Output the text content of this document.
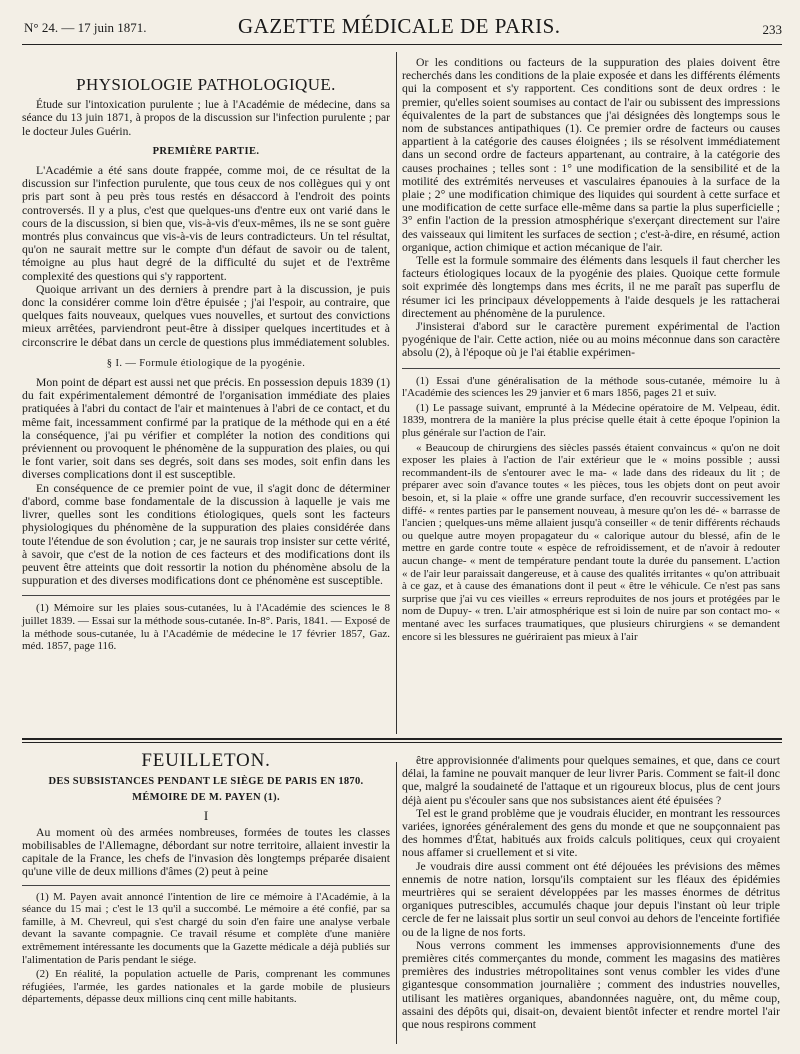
N° 24. — 17 juin 1871.	GAZETTE MÉDICALE DE PARIS.	233
PHYSIOLOGIE PATHOLOGIQUE.

Étude sur l'intoxication purulente ; lue à l'Académie de médecine, dans sa séance du 13 juin 1871, à propos de la discussion sur l'infection purulente ; par le docteur Jules Guérin.

PREMIÈRE PARTIE.

L'Académie a été sans doute frappée, comme moi, de ce résultat de la discussion sur l'infection purulente, que tous ceux de nos collègues qui y ont pris part sont à peu près tous restés en désaccord à l'endroit des points controversés. Il y a plus, c'est que quelques-uns d'entre eux ont varié dans le cours de la discussion, si bien que, vis-à-vis d'eux-mêmes, ils ne se sont guère montrés plus convaincus que vis-à-vis de leurs contradicteurs. Un tel résultat, qu'on ne saurait mettre sur le compte d'un défaut de savoir ou de talent, témoigne au plus haut degré de la difficulté du sujet et de l'extrême complexité des questions qui s'y rapportent.

Quoique arrivant un des derniers à prendre part à la discussion, je puis donc la considérer comme loin d'être épuisée ; j'ai l'espoir, au contraire, que quelques faits nouveaux, quelques vues nouvelles, et surtout des convictions mieux arrêtées, parviendront peut-être à dissiper quelques incertitudes et à circonscrire le débat dans un cercle de questions plus immédiatement solubles.

§ I. — Formule étiologique de la pyogénie.

Mon point de départ est aussi net que précis. En possession depuis 1839 (1) du fait expérimentalement démontré de l'organisation immédiate des plaies pratiquées à l'abri du contact de l'air et maintenues à l'abri de ce contact, et du même fait, incessamment confirmé par la pratique de la méthode qui en a été la conséquence, j'ai pu vérifier et compléter la notion des conditions qui préviennent ou provoquent le phénomène de la suppuration des plaies, ou qui le font varier, soit dans ses degrés, soit dans ses modes, soit enfin dans les diverses complications dont il est susceptible.

En conséquence de ce premier point de vue, il s'agit donc de déterminer d'abord, comme base fondamentale de la discussion à laquelle je vais me livrer, quelles sont les conditions étiologiques, quels sont les facteurs physiologiques du phénomène de la suppuration des plaies considérée dans toute l'étendue de son évolution ; car, je ne saurais trop insister sur cette vérité, à savoir, que c'est de la notion de ces facteurs et des modifications dont ils peuvent être atteints que doit ressortir la notion du phénomène absolu de la suppuration et des diverses modifications dont ce phénomène est susceptible.

(1) Mémoire sur les plaies sous-cutanées, lu à l'Académie des sciences le 8 juillet 1839. — Essai sur la méthode sous-cutanée. In-8°. Paris, 1841. — Exposé de la méthode sous-cutanée, lu à l'Académie de médecine le 17 février 1857, Gaz. méd. 1857, page 116.

Or les conditions ou facteurs de la suppuration des plaies doivent être recherchés dans les conditions de la plaie exposée et dans les différents éléments qui la composent et s'y rapportent. Ces conditions sont de deux ordres : le premier, qu'elles soient soumises au contact de l'air ou subissent des impressions équivalentes de la part de substances que j'ai désignées dès longtemps sous le nom de substances antipathiques (1). Ce premier ordre de facteurs ou causes appartient à la catégorie des causes éloignées ; ils se résolvent immédiatement dans un second ordre de facteurs appartenant, au contraire, à la catégorie des causes prochaines ; telles sont : 1° une modification de la sensibilité et de la motilité des extrémités nerveuses et vasculaires épanouies à la surface de la plaie ; 2° une modification chimique des liquides qui sourdent à cette surface et une modification de cette surface elle-même dans sa partie la plus superficielle ; 3° enfin l'action de la pression atmosphérique s'exerçant directement sur l'aire des vaisseaux qui limitent les surfaces de section ; c'est-à-dire, en résumé, action organique, action chimique et action mécanique de l'air.

Telle est la formule sommaire des éléments dans lesquels il faut chercher les facteurs étiologiques locaux de la pyogénie des plaies. Quoique cette formule soit exprimée dès longtemps dans mes écrits, il ne me paraît pas superflu de résumer ici les principaux développements à l'aide desquels je les rattacherai directement au phénomène de la purulence.

J'insisterai d'abord sur le caractère purement expérimental de l'action pyogénique de l'air. Cette action, niée ou au moins méconnue dans son caractère absolu (2), à l'époque où je l'ai établie expérimen-

(1) Essai d'une généralisation de la méthode sous-cutanée, mémoire lu à l'Académie des sciences les 29 janvier et 6 mars 1856, pages 21 et suiv.

(1) Le passage suivant, emprunté à la Médecine opératoire de M. Velpeau, édit. 1839, montrera de la manière la plus précise quelle était à cette époque l'opinion la plus générale sur l'action de l'air.

« Beaucoup de chirurgiens des siècles passés étaient convaincus « qu'on ne doit exposer les plaies à l'action de l'air extérieur que le « moins possible ; aussi recommandent-ils de s'entourer avec le ma- « lade dans des rideaux du lit ; de préparer avec soin d'avance toutes « les pièces, tous les objets dont on peut avoir besoin, et, si la plaie « offre une grande surface, d'en recouvrir successivement les diffé- « rentes parties par le pansement nouveau, à mesure qu'on les dé- « barrasse de l'ancien ; quelques-uns même allaient jusqu'à conseiller « de tenir différents réchauds ou quelque autre moyen propagateur du « calorique autour du blessé, afin de le mettre en garde contre toute « espèce de refroidissement, et de n'avoir à redouter aucun change- « ment de température pendant toute la durée du pansement. L'action « de l'air leur paraissait dangereuse, et à cause des qualités irritantes « qu'on attribuait à ce gaz, et à cause des émanations dont il peut « être le véhicule. Ce n'est pas sans surprise que j'ai vu ces vieilles « erreurs reproduites de nos jours et protégées par le nom de Dupuy- « tren. L'air atmosphérique est si loin de nuire par son contact mo- « mentané avec les surfaces traumatiques, que plusieurs chirurgiens « se demandent encore si les blessures ne guériraient pas mieux à l'air

FEUILLETON.
DES SUBSISTANCES PENDANT LE SIÈGE DE PARIS EN 1870.
MÉMOIRE DE M. PAYEN (1).
I

Au moment où des armées nombreuses, formées de toutes les classes mobilisables de l'Allemagne, débordant sur notre territoire, allaient investir la capitale de la France, les chefs de l'invasion dès longtemps préparée disaient qu'une ville de deux millions d'âmes (2) peut à peine

(1) M. Payen avait annoncé l'intention de lire ce mémoire à l'Académie, à la séance du 15 mai ; c'est le 13 qu'il a succombé. Le mémoire a été confié, par sa famille, à M. Chevreul, qui s'est chargé du soin d'en faire une analyse verbale devant la savante compagnie. Ce travail résume et complète d'une manière extrêmement intéressante les documents que la Gazette médicale a déjà publiés sur l'alimentation de Paris pendant le siége.

(2) En réalité, la population actuelle de Paris, comprenant les communes réfugiées, l'armée, les gardes nationales et la garde mobile de plusieurs départements, dépasse deux millions cinq cent mille habitants.

être approvisionnée d'aliments pour quelques semaines, et que, dans ce court délai, la famine ne pouvait manquer de leur livrer Paris. Comment se fait-il donc que, malgré la soudaineté de l'attaque et un rigoureux blocus, plus de cent jours déjà aient pu s'écouler sans que nos subsistances aient été épuisées ?

Tel est le grand problème que je voudrais élucider, en montrant les ressources variées, ignorées généralement des gens du monde et que ne soupçonnaient pas des hommes d'État, habitués aux froids calculs politiques, ceux qui croyaient nous affamer si cruellement et si vite.

Je voudrais dire aussi comment ont été déjouées les prévisions des mêmes ennemis de notre nation, lorsqu'ils comptaient sur les fléaux des épidémies meurtrières qui se seraient développées par les masses énormes de détritus organiques putrescibles, accumulés chaque jour depuis l'instant où leur triple cercle de fer ne laissait plus sortir un seul convoi au dehors de l'enceinte fortifiée ou de la ligne de nos forts.

Nous verrons comment les immenses approvisionnements d'une des premières cités commerçantes du monde, comment les magasins des matières premières des industries métropolitaines sont venus combler les vides d'une gigantesque consommation journalière ; comment des industries nouvelles, utilisant les matières organiques, abandonnées naguère, ont, du même coup, assaini des dépôts qui, disait-on, devaient bientôt infecter et rendre mortel l'air que nous respirons comment
